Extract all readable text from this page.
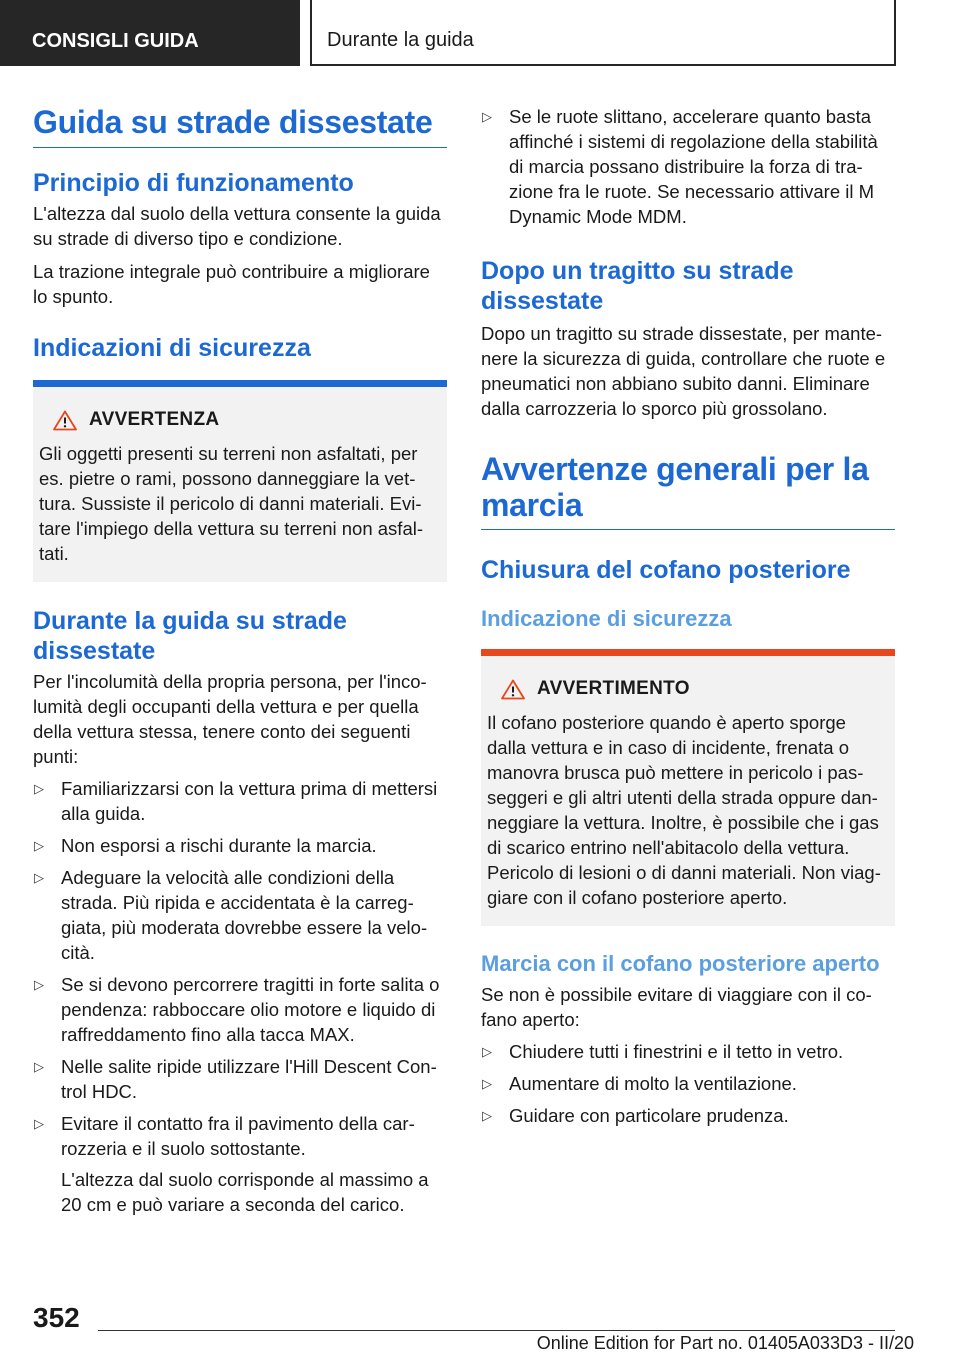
CONSIGLI GUIDA	Durante la guida
Guida su strade dissestate
Principio di funzionamento

L'altezza dal suolo della vettura consente la guida su strade di diverso tipo e condizione.

La trazione integrale può contribuire a migliorare lo spunto.

Indicazioni di sicurezza
AVVERTENZA

Gli oggetti presenti su terreni non asfaltati, per es. pietre o rami, possono danneggiare la vettura. Sussiste il pericolo di danni materiali. Evitare l'impiego della vettura su terreni non asfaltati.

Durante la guida su strade dissestate

Per l'incolumità della propria persona, per l'incolumità degli occupanti della vettura e per quella della vettura stessa, tenere conto dei seguenti punti:

▷ Familiarizzarsi con la vettura prima di mettersi alla guida.
▷ Non esporsi a rischi durante la marcia.
▷ Adeguare la velocità alle condizioni della strada. Più ripida e accidentata è la carreggiata, più moderata dovrebbe essere la velocità.
▷ Se si devono percorrere tragitti in forte salita o pendenza: rabboccare olio motore e liquido di raffreddamento fino alla tacca MAX.
▷ Nelle salite ripide utilizzare l'Hill Descent Control HDC.
▷ Evitare il contatto fra il pavimento della carrozzeria e il suolo sottostante.

L'altezza dal suolo corrisponde al massimo a 20 cm e può variare a seconda del carico.

▷ Se le ruote slittano, accelerare quanto basta affinché i sistemi di regolazione della stabilità di marcia possano distribuire la forza di trazione fra le ruote. Se necessario attivare il M Dynamic Mode MDM.
Dopo un tragitto su strade dissestate

Dopo un tragitto su strade dissestate, per mantenere la sicurezza di guida, controllare che ruote e pneumatici non abbiano subito danni. Eliminare dalla carrozzeria lo sporco più grossolano.

Avvertenze generali per la marcia
Chiusura del cofano posteriore
Indicazione di sicurezza
AVVERTIMENTO

Il cofano posteriore quando è aperto sporge dalla vettura e in caso di incidente, frenata o manovra brusca può mettere in pericolo i passeggeri e gli altri utenti della strada oppure danneggiare la vettura. Inoltre, è possibile che i gas di scarico entrino nell'abitacolo della vettura. Pericolo di lesioni o di danni materiali. Non viaggiare con il cofano posteriore aperto.

Marcia con il cofano posteriore aperto

Se non è possibile evitare di viaggiare con il cofano aperto:

▷ Chiudere tutti i finestrini e il tetto in vetro.
▷ Aumentare di molto la ventilazione.
▷ Guidare con particolare prudenza.
352
Online Edition for Part no. 01405A033D3 - II/20
